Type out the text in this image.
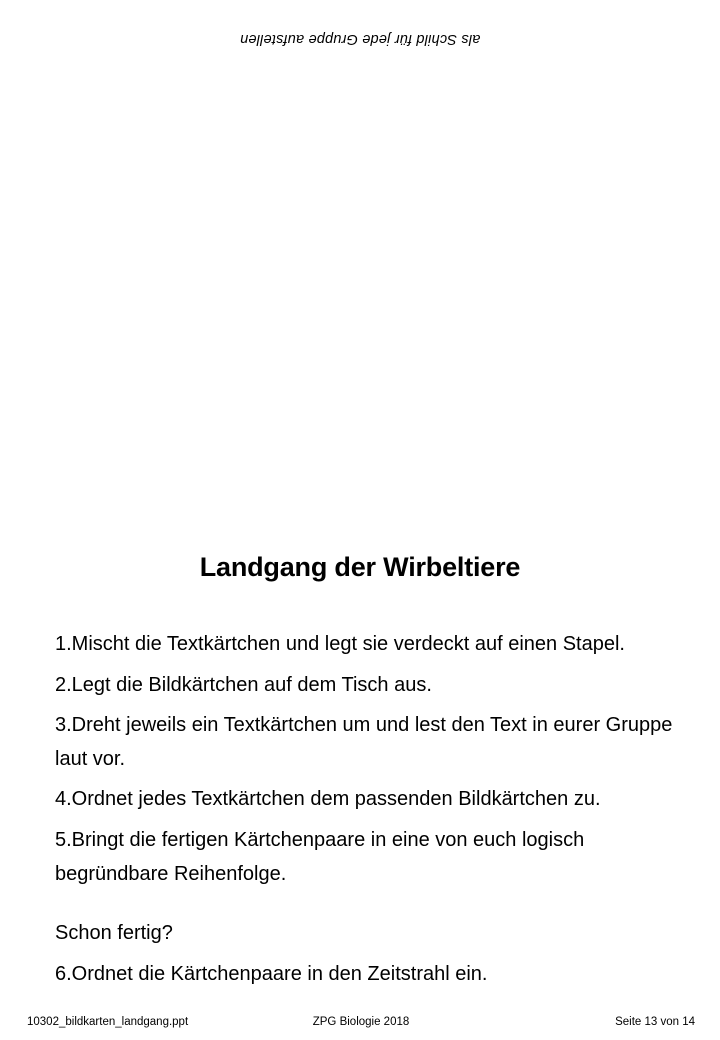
als Schild für jede Gruppe aufstellen
Landgang der Wirbeltiere

1.Mischt die Textkärtchen und legt sie verdeckt auf einen Stapel.

2.Legt die Bildkärtchen auf dem Tisch aus.

3.Dreht jeweils ein Textkärtchen um und lest den Text in eurer Gruppe laut vor.

4.Ordnet jedes Textkärtchen dem passenden Bildkärtchen zu.

5.Bringt die fertigen Kärtchenpaare in eine von euch logisch begründbare Reihenfolge.

Schon fertig?

6.Ordnet die Kärtchenpaare in den Zeitstrahl ein.

10302_bildkarten_landgang.ppt	ZPG Biologie 2018	Seite 13 von 14
